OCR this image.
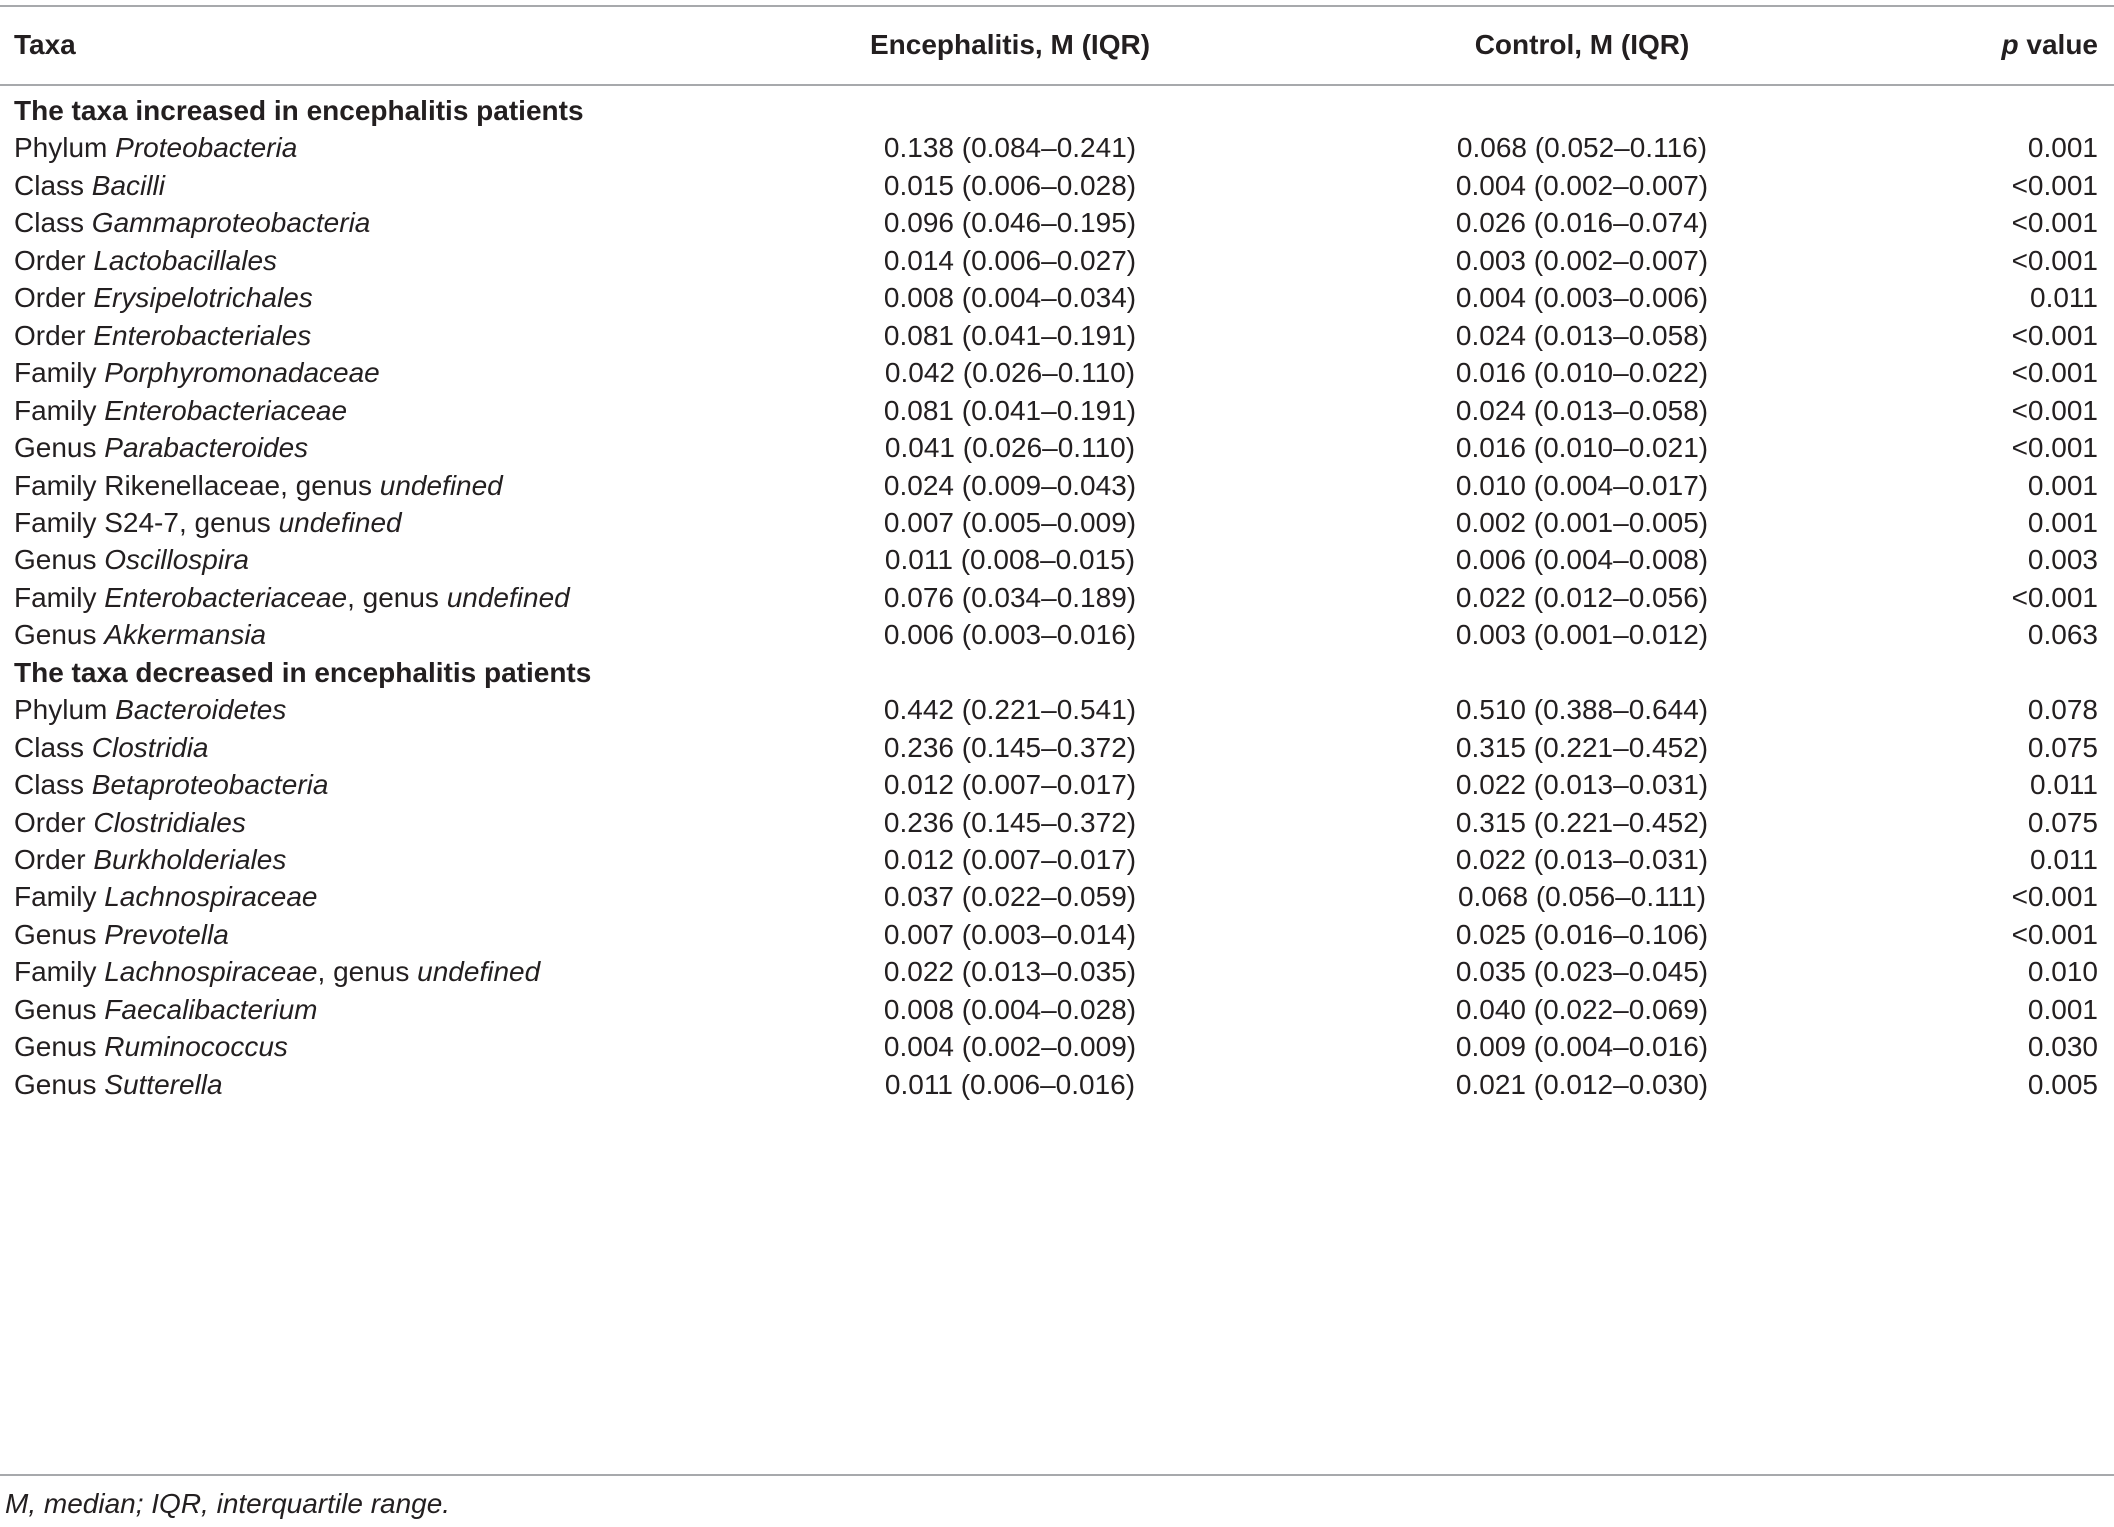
Taxa	Encephalitis, M (IQR)	Control, M (IQR)	p value
The taxa increased in encephalitis patients
Phylum Proteobacteria	0.138 (0.084–0.241)	0.068 (0.052–0.116)	0.001
Class Bacilli	0.015 (0.006–0.028)	0.004 (0.002–0.007)	<0.001
Class Gammaproteobacteria	0.096 (0.046–0.195)	0.026 (0.016–0.074)	<0.001
Order Lactobacillales	0.014 (0.006–0.027)	0.003 (0.002–0.007)	<0.001
Order Erysipelotrichales	0.008 (0.004–0.034)	0.004 (0.003–0.006)	0.011
Order Enterobacteriales	0.081 (0.041–0.191)	0.024 (0.013–0.058)	<0.001
Family Porphyromonadaceae	0.042 (0.026–0.110)	0.016 (0.010–0.022)	<0.001
Family Enterobacteriaceae	0.081 (0.041–0.191)	0.024 (0.013–0.058)	<0.001
Genus Parabacteroides	0.041 (0.026–0.110)	0.016 (0.010–0.021)	<0.001
Family Rikenellaceae, genus undefined	0.024 (0.009–0.043)	0.010 (0.004–0.017)	0.001
Family S24-7, genus undefined	0.007 (0.005–0.009)	0.002 (0.001–0.005)	0.001
Genus Oscillospira	0.011 (0.008–0.015)	0.006 (0.004–0.008)	0.003
Family Enterobacteriaceae, genus undefined	0.076 (0.034–0.189)	0.022 (0.012–0.056)	<0.001
Genus Akkermansia	0.006 (0.003–0.016)	0.003 (0.001–0.012)	0.063
The taxa decreased in encephalitis patients
Phylum Bacteroidetes	0.442 (0.221–0.541)	0.510 (0.388–0.644)	0.078
Class Clostridia	0.236 (0.145–0.372)	0.315 (0.221–0.452)	0.075
Class Betaproteobacteria	0.012 (0.007–0.017)	0.022 (0.013–0.031)	0.011
Order Clostridiales	0.236 (0.145–0.372)	0.315 (0.221–0.452)	0.075
Order Burkholderiales	0.012 (0.007–0.017)	0.022 (0.013–0.031)	0.011
Family Lachnospiraceae	0.037 (0.022–0.059)	0.068 (0.056–0.111)	<0.001
Genus Prevotella	0.007 (0.003–0.014)	0.025 (0.016–0.106)	<0.001
Family Lachnospiraceae, genus undefined	0.022 (0.013–0.035)	0.035 (0.023–0.045)	0.010
Genus Faecalibacterium	0.008 (0.004–0.028)	0.040 (0.022–0.069)	0.001
Genus Ruminococcus	0.004 (0.002–0.009)	0.009 (0.004–0.016)	0.030
Genus Sutterella	0.011 (0.006–0.016)	0.021 (0.012–0.030)	0.005
M, median; IQR, interquartile range.
